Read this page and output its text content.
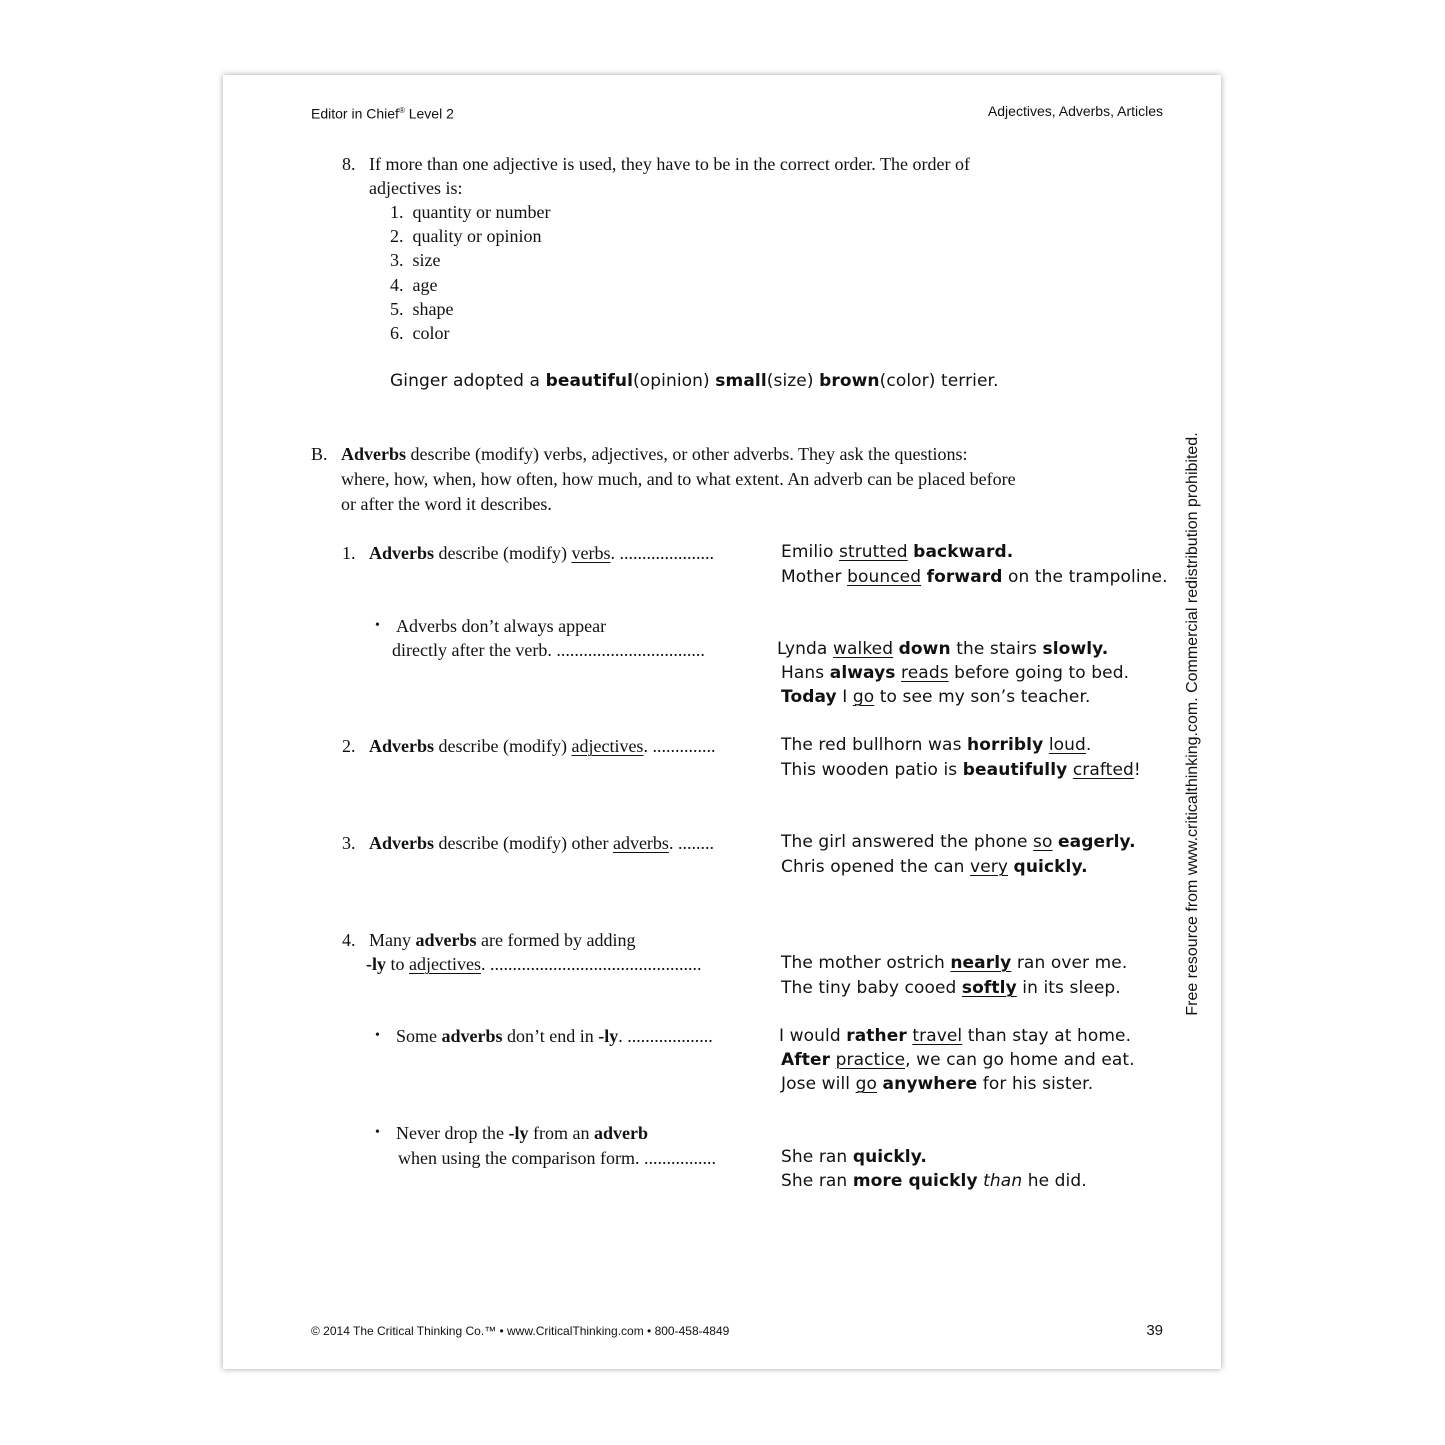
Editor in Chief® Level 2	Adjectives, Adverbs, Articles
8. If more than one adjective is used, they have to be in the correct order. The order of
adjectives is:
1. quantity or number
2. quality or opinion
3. size
4. age
5. shape
6. color
Ginger adopted a beautiful(opinion) small(size) brown(color) terrier.
B. Adverbs describe (modify) verbs, adjectives, or other adverbs. They ask the questions:
where, how, when, how often, how much, and to what extent. An adverb can be placed before
or after the word it describes.
1. Adverbs describe (modify) verbs. .....................	Emilio strutted backward.
Mother bounced forward on the trampoline.
• Adverbs don’t always appear
directly after the verb. .................................	Lynda walked down the stairs slowly.
Hans always reads before going to bed.
Today I go to see my son’s teacher.
2. Adverbs describe (modify) adjectives. ..............	The red bullhorn was horribly loud.
This wooden patio is beautifully crafted!
3. Adverbs describe (modify) other adverbs. ........	The girl answered the phone so eagerly.
Chris opened the can very quickly.
4. Many adverbs are formed by adding
-ly to adjectives. ...............................................	The mother ostrich nearly ran over me.
The tiny baby cooed softly in its sleep.
• Some adverbs don’t end in -ly. ...................	I would rather travel than stay at home.
After practice, we can go home and eat.
Jose will go anywhere for his sister.
• Never drop the -ly from an adverb
when using the comparison form. ................	She ran quickly.
She ran more quickly than he did.
© 2014 The Critical Thinking Co.™ • www.CriticalThinking.com • 800-458-4849	39
Free resource from www.criticalthinking.com. Commercial redistribution prohibited.
